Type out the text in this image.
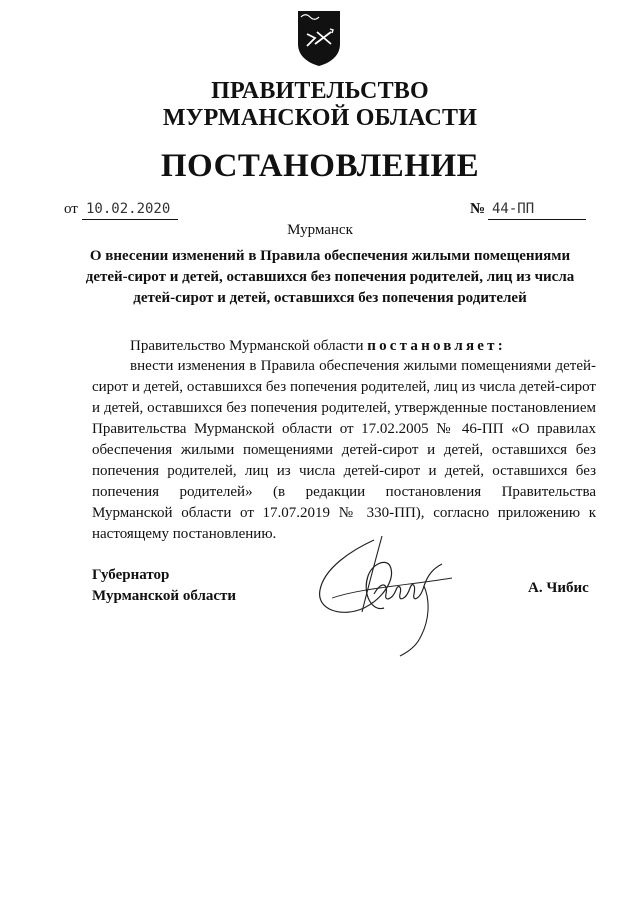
ПРАВИТЕЛЬСТВО
МУРМАНСКОЙ ОБЛАСТИ
ПОСТАНОВЛЕНИЕ
от 10.02.2020	№ 44-ПП
Мурманск
О внесении изменений в Правила обеспечения жилыми помещениями детей-сирот и детей, оставшихся без попечения родителей, лиц из числа детей-сирот и детей, оставшихся без попечения родителей
Правительство Мурманской области постановляет:
внести изменения в Правила обеспечения жилыми помещениями детей-сирот и детей, оставшихся без попечения родителей, лиц из числа детей-сирот и детей, оставшихся без попечения родителей, утвержденные постановлением Правительства Мурманской области от 17.02.2005 № 46-ПП «О правилах обеспечения жилыми помещениями детей-сирот и детей, оставшихся без попечения родителей, лиц из числа детей-сирот и детей, оставшихся без попечения родителей» (в редакции постановления Правительства Мурманской области от 17.07.2019 № 330-ПП), согласно приложению к настоящему постановлению.
Губернатор
Мурманской области	А. Чибис
